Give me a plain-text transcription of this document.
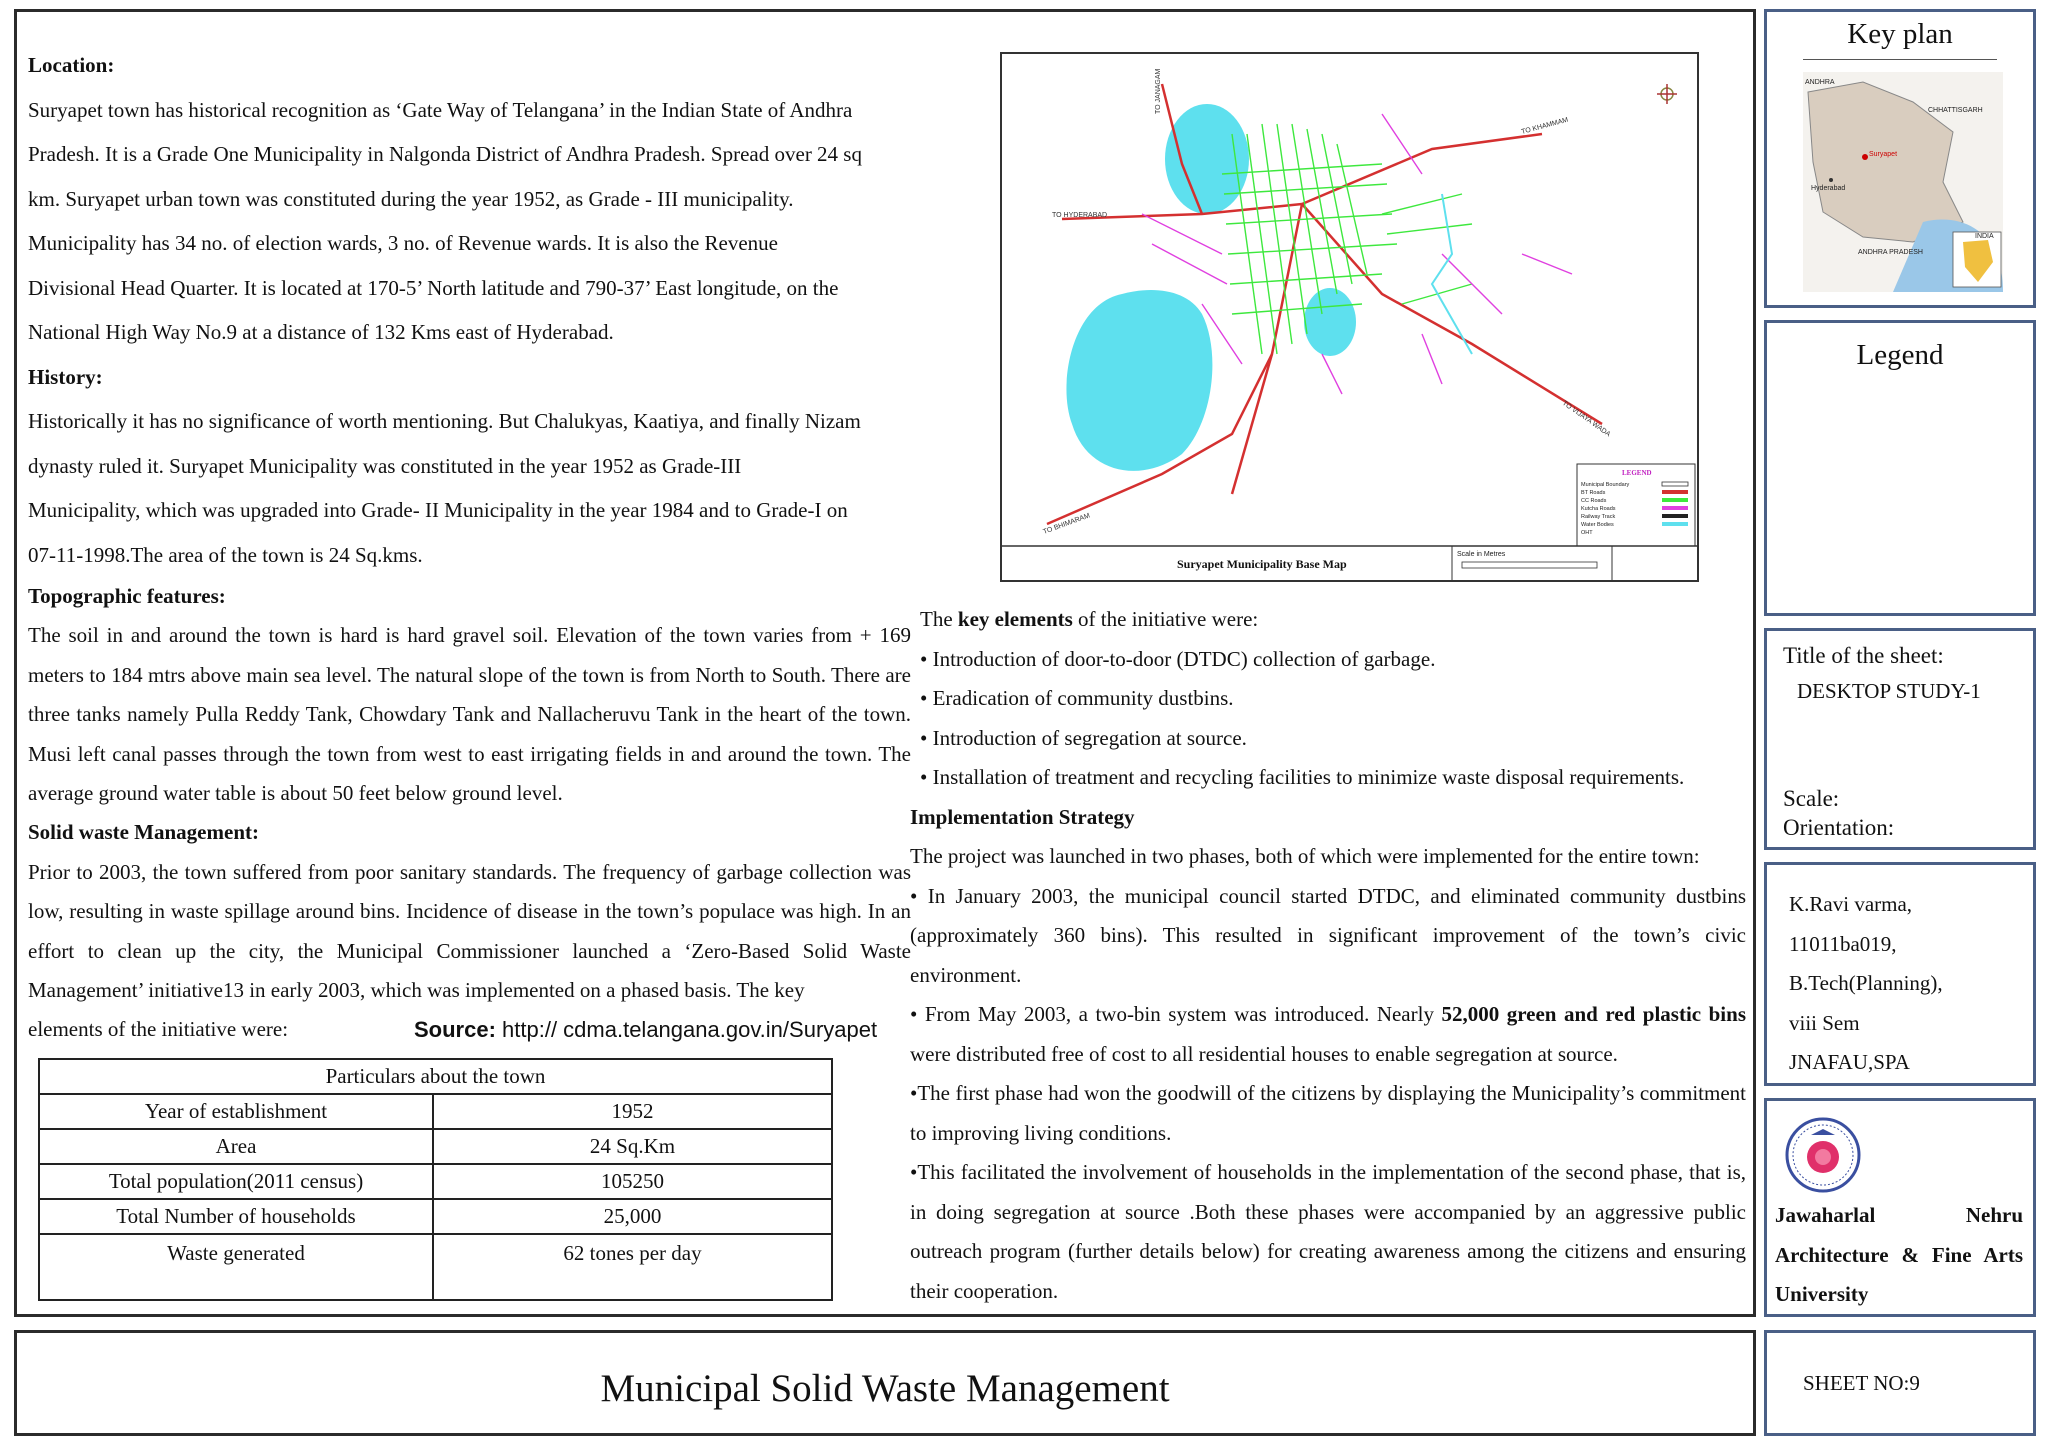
Location:

Suryapet town has historical recognition as ‘Gate Way of Telangana’ in the Indian State of Andhra

Pradesh. It is a Grade One Municipality in Nalgonda District of Andhra Pradesh. Spread over 24 sq

km. Suryapet urban town was constituted during the year 1952, as Grade - III municipality.

Municipality has 34 no. of election wards, 3 no. of Revenue wards. It is also the Revenue

Divisional Head Quarter. It is located at 170-5’ North latitude and 790-37’ East longitude, on the

National High Way No.9 at a distance of 132 Kms east of Hyderabad.

History:

Historically it has no significance of worth mentioning. But Chalukyas, Kaatiya, and finally Nizam

dynasty ruled it. Suryapet Municipality was constituted in the year 1952 as Grade-III

Municipality, which was upgraded into Grade- II Municipality in the year 1984 and to Grade-I on

07-11-1998.The area of the town is 24 Sq.kms.

Topographic features:

The soil in and around the town is hard is hard gravel soil. Elevation of the town varies from + 169 meters to 184 mtrs above main sea level. The natural slope of the town is from North to South. There are three tanks namely Pulla Reddy Tank, Chowdary Tank and Nallacheruvu Tank in the heart of the town. Musi left canal passes through the town from west to east irrigating fields in and around the town. The average ground water table is about 50 feet below ground level.

Solid waste Management:

Prior to 2003, the town suffered from poor sanitary standards. The frequency of garbage collection was low, resulting in waste spillage around bins. Incidence of disease in the town’s populace was high. In an effort to clean up the city, the Municipal Commissioner launched a ‘Zero-Based Solid Waste Management’ initiative13 in early 2003, which was implemented on a phased basis. The key

elements of the initiative were:	Source: http:// cdma.telangana.gov.in/Suryapet
Particulars about the town	
Year of establishment	1952
Area	24 Sq.Km
Total population(2011 census)	105250
Total Number of households	25,000
Waste generated	62 tones per day
TO JANAGAM
TO KHAMMAM
TO HYDERABAD
TO BHIMARAM
TO VIJAYA WADA
LEGEND
Municipal Boundary
BT Roads
CC Roads
Kutcha Roads
Railway Track
Water Bodies
OHT
Suryapet Municipality Base Map
Scale in Metres

The key elements of the initiative were:

• Introduction of door-to-door (DTDC) collection of garbage.

• Eradication of community dustbins.

• Introduction of segregation at source.

• Installation of treatment and recycling facilities to minimize waste disposal requirements.

Implementation Strategy

The project was launched in two phases, both of which were implemented for the entire town:

• In January 2003, the municipal council started DTDC, and eliminated community dustbins (approximately 360 bins). This resulted in significant improvement of the town’s civic environment.

• From May 2003, a two-bin system was introduced. Nearly 52,000 green and red plastic bins were distributed free of cost to all residential houses to enable segregation at source.

•The first phase had won the goodwill of the citizens by displaying the Municipality’s commitment to improving living conditions.

•This facilitated the involvement of households in the implementation of the second phase, that is, in doing segregation at source .Both these phases were accompanied by an aggressive public outreach program (further details below) for creating awareness among the citizens and ensuring their cooperation.

Key plan
ANDHRA
CHHATTISGARH
Suryapet
Hyderabad
ANDHRA PRADESH
INDIA
Legend
Title of the sheet:
DESKTOP STUDY-1
Scale:
Orientation:
K.Ravi varma,
11011ba019,
B.Tech(Planning),
viii Sem
JNAFAU,SPA
Jawaharlal Nehru
Architecture & Fine Arts
University
Municipal Solid Waste Management	SHEET NO:9
